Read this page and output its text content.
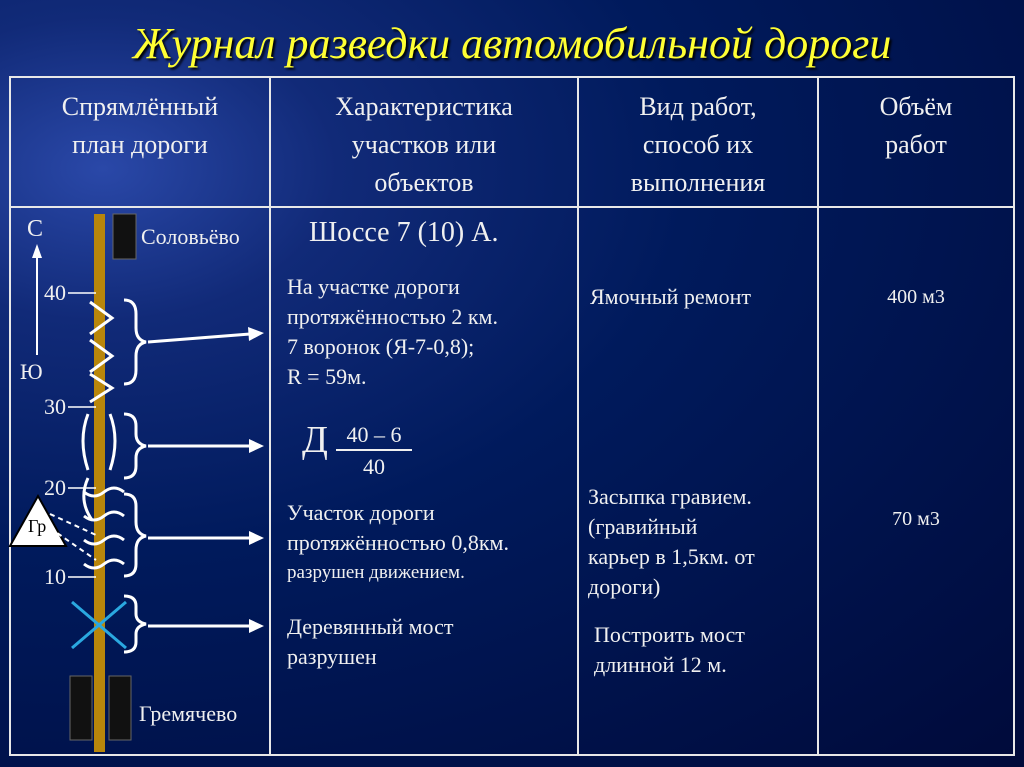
Журнал разведки автомобильной дороги
Спрямлённый
план дороги
Характеристика
участков или
объектов
Вид работ,
способ их
выполнения
Объём
работ
С
Ю
Соловьёво
Гремячево
40
30
20
10
Гр
Шоссе 7 (10) А.
На участке дороги
протяжённостью 2 км.
7 воронок (Я-7-0,8);
R = 59м.
Д 40 – 6
40
Участок дороги
протяжённостью 0,8км.
разрушен движением.
Деревянный мост
разрушен
Ямочный ремонт
Засыпка гравием.
(гравийный
карьер в 1,5км. от
дороги)
Построить мост
длинной 12 м.
400 м3
70 м3
